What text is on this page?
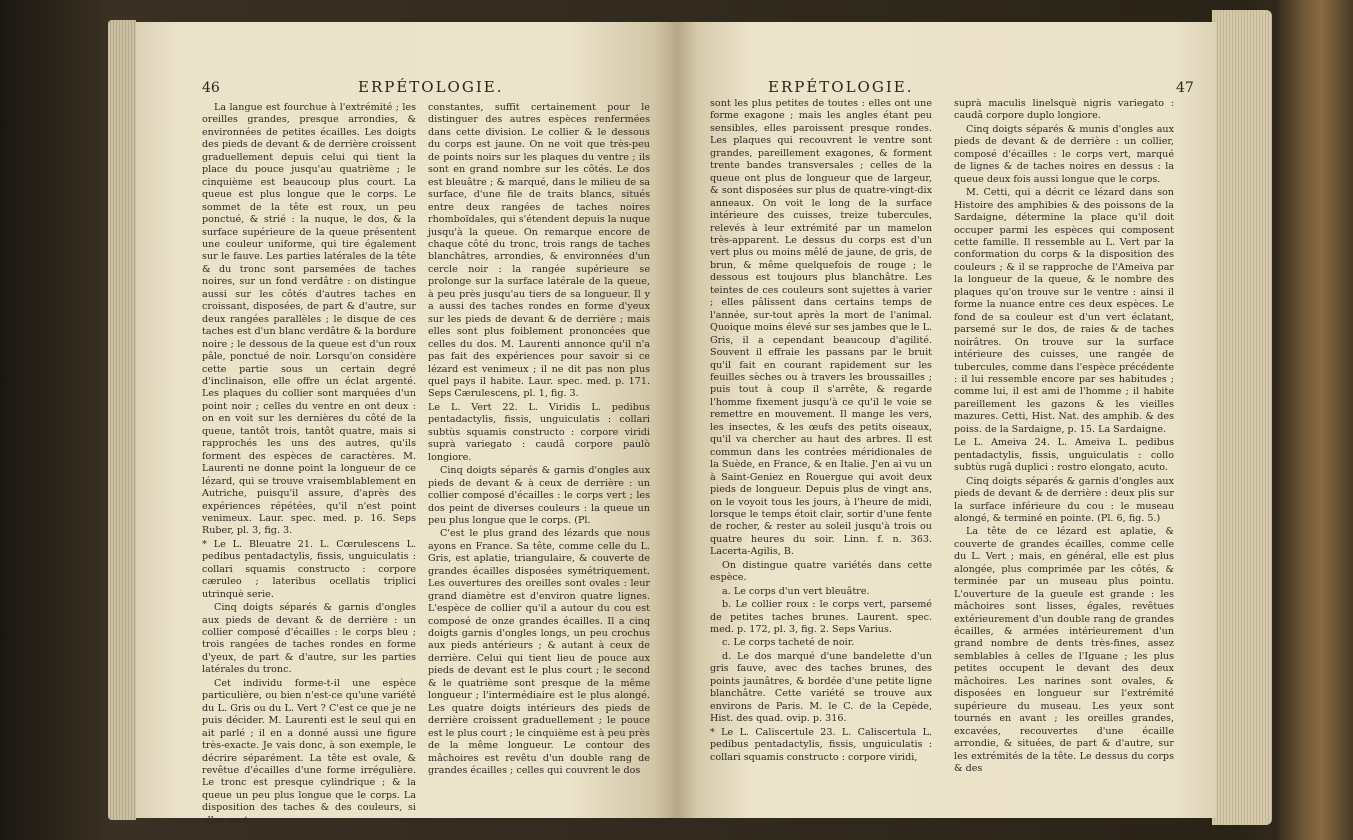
46	ERPÉTOLOGIE.

La langue est fourchue à l'extrémité ; les oreilles grandes, presque arrondies, & environnées de petites écailles. Les doigts des pieds de devant & de derrière croissent graduellement depuis celui qui tient la place du pouce jusqu'au quatrième ; le cinquième est beaucoup plus court. La queue est plus longue que le corps. Le sommet de la tête est roux, un peu ponctué, & strié : la nuque, le dos, & la surface supérieure de la queue présentent une couleur uniforme, qui tire également sur le fauve. Les parties latérales de la tête & du tronc sont parsemées de taches noires, sur un fond verdâtre : on distingue aussi sur les côtés d'autres taches en croissant, disposées, de part & d'autre, sur deux rangées parallèles ; le disque de ces taches est d'un blanc verdâtre & la bordure noire ; le dessous de la queue est d'un roux pâle, ponctué de noir. Lorsqu'on considère cette partie sous un certain degré d'inclinaison, elle offre un éclat argenté. Les plaques du collier sont marquées d'un point noir ; celles du ventre en ont deux : on en voit sur les dernières du côté de la queue, tantôt trois, tantôt quatre, mais si rapprochés les uns des autres, qu'ils forment des espèces de caractères. M. Laurenti ne donne point la longueur de ce lézard, qui se trouve vraisemblablement en Autriche, puisqu'il assure, d'après des expériences répétées, qu'il n'est point venimeux. Laur. spec. med. p. 16. Seps Ruber, pl. 3, fig. 3.

* Le L. Bleuatre 21. L. Cœrulescens L. pedibus pentadactylis, fissis, unguiculatis : collari squamis constructo : corpore cæruleo ; lateribus ocellatis triplici utrinquè serie.

Cinq doigts séparés & garnis d'ongles aux pieds de devant & de derrière : un collier composé d'écailles : le corps bleu ; trois rangées de taches rondes en forme d'yeux, de part & d'autre, sur les parties latérales du tronc.

Cet individu forme-t-il une espèce particulière, ou bien n'est-ce qu'une variété du L. Gris ou du L. Vert ? C'est ce que je ne puis décider. M. Laurenti est le seul qui en ait parlé ; il en a donné aussi une figure très-exacte. Je vais donc, à son exemple, le décrire séparément. La tête est ovale, & revêtue d'écailles d'une forme irrégulière. Le tronc est presque cylindrique ; & la queue un peu plus longue que le corps. La disposition des taches & des couleurs, si elles sont

constantes, suffit certainement pour le distinguer des autres espèces renfermées dans cette division. Le collier & le dessous du corps est jaune. On ne voit que très-peu de points noirs sur les plaques du ventre ; ils sont en grand nombre sur les côtés. Le dos est bleuâtre ; & marqué, dans le milieu de sa surface, d'une file de traits blancs, situés entre deux rangées de taches noires rhomboïdales, qui s'étendent depuis la nuque jusqu'à la queue. On remarque encore de chaque côté du tronc, trois rangs de taches blanchâtres, arrondies, & environnées d'un cercle noir : la rangée supérieure se prolonge sur la surface latérale de la queue, à peu près jusqu'au tiers de sa longueur. Il y a aussi des taches rondes en forme d'yeux sur les pieds de devant & de derrière ; mais elles sont plus foiblement prononcées que celles du dos. M. Laurenti annonce qu'il n'a pas fait des expériences pour savoir si ce lézard est venimeux ; il ne dit pas non plus quel pays il habite. Laur. spec. med. p. 171. Seps Cærulescens, pl. 1, fig. 3.

Le L. Vert 22. L. Viridis L. pedibus pentadactylis, fissis, unguiculatis : collari subtùs squamis constructo : corpore viridi suprà variegato : caudâ corpore paulò longiore.

Cinq doigts séparés & garnis d'ongles aux pieds de devant & à ceux de derrière : un collier composé d'écailles : le corps vert ; les dos peint de diverses couleurs : la queue un peu plus longue que le corps. (Pl.

C'est le plus grand des lézards que nous ayons en France. Sa tête, comme celle du L. Gris, est aplatie, triangulaire, & couverte de grandes écailles disposées symétriquement. Les ouvertures des oreilles sont ovales : leur grand diamètre est d'environ quatre lignes. L'espèce de collier qu'il a autour du cou est composé de onze grandes écailles. Il a cinq doigts garnis d'ongles longs, un peu crochus aux pieds antérieurs ; & autant à ceux de derrière. Celui qui tient lieu de pouce aux pieds de devant est le plus court ; le second & le quatrième sont presque de la même longueur ; l'intermédiaire est le plus alongé. Les quatre doigts intérieurs des pieds de derrière croissent graduellement ; le pouce est le plus court ; le cinquième est à peu près de la même longueur. Le contour des mâchoires est revêtu d'un double rang de grandes écailles ; celles qui couvrent le dos

ERPÉTOLOGIE.	47

sont les plus petites de toutes : elles ont une forme exagone ; mais les angles étant peu sensibles, elles paroissent presque rondes. Les plaques qui recouvrent le ventre sont grandes, pareillement exagones, & forment trente bandes transversales ; celles de la queue ont plus de longueur que de largeur, & sont disposées sur plus de quatre-vingt-dix anneaux. On voit le long de la surface intérieure des cuisses, treize tubercules, relevés à leur extrémité par un mamelon très-apparent. Le dessus du corps est d'un vert plus ou moins mêlé de jaune, de gris, de brun, & même quelquefois de rouge ; le dessous est toujours plus blanchâtre. Les teintes de ces couleurs sont sujettes à varier ; elles pâlissent dans certains temps de l'année, sur-tout après la mort de l'animal. Quoique moins élevé sur ses jambes que le L. Gris, il a cependant beaucoup d'agilité. Souvent il effraie les passans par le bruit qu'il fait en courant rapidement sur les feuilles sèches ou à travers les broussailles ; puis tout à coup il s'arrête, & regarde l'homme fixement jusqu'à ce qu'il le voie se remettre en mouvement. Il mange les vers, les insectes, & les œufs des petits oiseaux, qu'il va chercher au haut des arbres. Il est commun dans les contrées méridionales de la Suède, en France, & en Italie. J'en ai vu un à Saint-Geniez en Rouergue qui avoit deux pieds de longueur. Depuis plus de vingt ans, on le voyoit tous les jours, à l'heure de midi, lorsque le temps étoit clair, sortir d'une fente de rocher, & rester au soleil jusqu'à trois ou quatre heures du soir. Linn. f. n. 363. Lacerta-Agilis, B.

On distingue quatre variétés dans cette espèce.

a. Le corps d'un vert bleuâtre.

b. Le collier roux : le corps vert, parsemé de petites taches brunes. Laurent. spec. med. p. 172, pl. 3, fig. 2. Seps Varius.

c. Le corps tacheté de noir.

d. Le dos marqué d'une bandelette d'un gris fauve, avec des taches brunes, des points jaunâtres, & bordée d'une petite ligne blanchâtre. Cette variété se trouve aux environs de Paris. M. le C. de la Cepède, Hist. des quad. ovip. p. 316.

* Le L. Caliscertule 23. L. Caliscertula L. pedibus pentadactylis, fissis, unguiculatis : collari squamis constructo : corpore viridi,

suprà maculis linelsquè nigris variegato : caudâ corpore duplo longiore.

Cinq doigts séparés & munis d'ongles aux pieds de devant & de derrière : un collier, composé d'écailles : le corps vert, marqué de lignes & de taches noires en dessus : la queue deux fois aussi longue que le corps.

M. Cetti, qui a décrit ce lézard dans son Histoire des amphibies & des poissons de la Sardaigne, détermine la place qu'il doit occuper parmi les espèces qui composent cette famille. Il ressemble au L. Vert par la conformation du corps & la disposition des couleurs ; & il se rapproche de l'Ameiva par la longueur de la queue, & le nombre des plaques qu'on trouve sur le ventre : ainsi il forme la nuance entre ces deux espèces. Le fond de sa couleur est d'un vert éclatant, parsemé sur le dos, de raies & de taches noirâtres. On trouve sur la surface intérieure des cuisses, une rangée de tubercules, comme dans l'espèce précédente : il lui ressemble encore par ses habitudes ; comme lui, il est ami de l'homme ; il habite pareillement les gazons & les vieilles mazures. Cetti, Hist. Nat. des amphib. & des poiss. de la Sardaigne, p. 15. La Sardaigne.

Le L. Ameiva 24. L. Ameiva L. pedibus pentadactylis, fissis, unguiculatis : collo subtùs rugâ duplici : rostro elongato, acuto.

Cinq doigts séparés & garnis d'ongles aux pieds de devant & de derrière : deux plis sur la surface inférieure du cou : le museau alongé, & terminé en pointe. (Pl. 6, fig. 5.)

La tête de ce lézard est aplatie, & couverte de grandes écailles, comme celle du L. Vert ; mais, en général, elle est plus alongée, plus comprimée par les côtés, & terminée par un museau plus pointu. L'ouverture de la gueule est grande : les mâchoires sont lisses, égales, revêtues extérieurement d'un double rang de grandes écailles, & armées intérieurement d'un grand nombre de dents très-fines, assez semblables à celles de l'Iguane ; les plus petites occupent le devant des deux mâchoires. Les narines sont ovales, & disposées en longueur sur l'extrémité supérieure du museau. Les yeux sont tournés en avant ; les oreilles grandes, excavées, recouvertes d'une écaille arrondie, & situées, de part & d'autre, sur les extrémités de la tête. Le dessus du corps & des
